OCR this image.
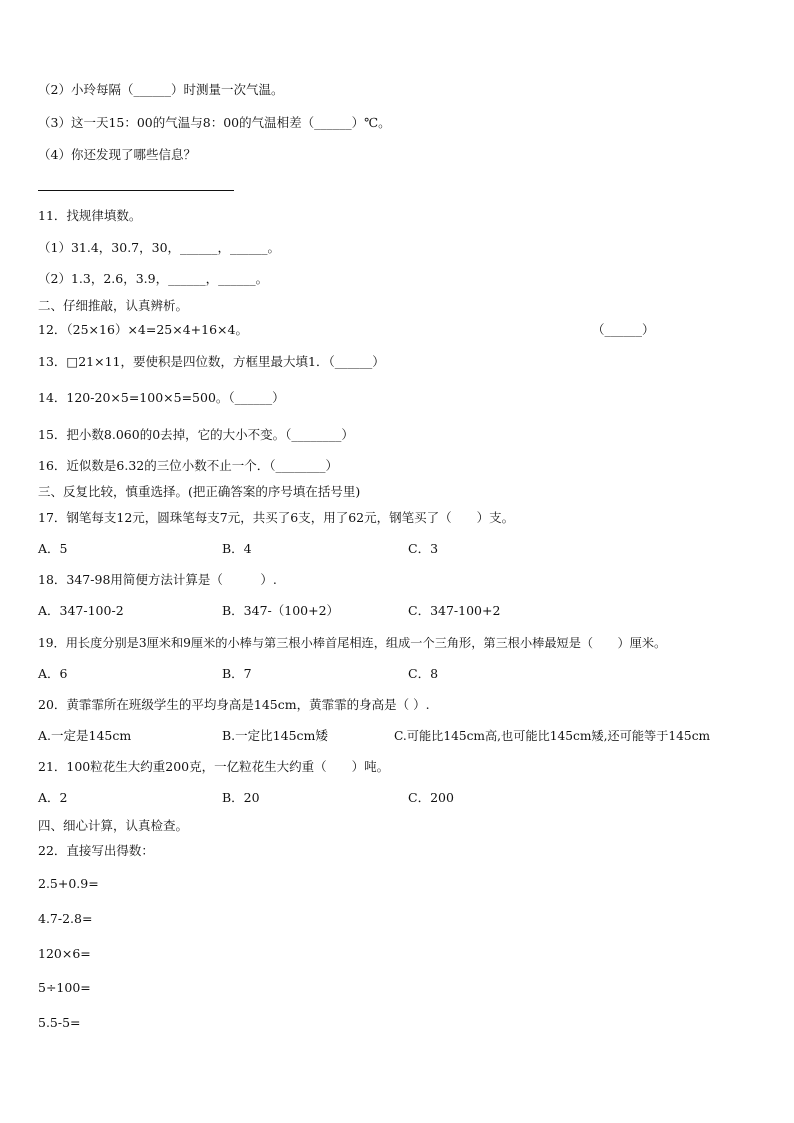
（2）小玲每隔（______）时测量一次气温。
（3）这一天15：00的气温与8：00的气温相差（______）℃。
（4）你还发现了哪些信息？
11．找规律填数。
（1）31.4，30.7，30，______，______。
（2）1.3，2.6，3.9，______，______。
二、仔细推敲，认真辨析。
12．（25×16）×4=25×4+16×4。	（______）
13．□21×11，要使积是四位数，方框里最大填1．（______）
14．120-20×5=100×5=500。（______）
15．把小数8.060的0去掉，它的大小不变。（________）
16．近似数是6.32的三位小数不止一个．（________）
三、反复比较，慎重选择。(把正确答案的序号填在括号里)
17．钢笔每支12元，圆珠笔每支7元，共买了6支，用了62元，钢笔买了（　　）支。
A．5	B．4	C．3
18．347-98用简便方法计算是（　　　）.
A．347-100-2	B．347-（100+2）	C．347-100+2
19．用长度分别是3厘米和9厘米的小棒与第三根小棒首尾相连，组成一个三角形，第三根小棒最短是（　　）厘米。
A．6	B．7	C．8
20．黄霏霏所在班级学生的平均身高是145cm，黄霏霏的身高是（ ）.
A.一定是145cm	B.一定比145cm矮	C.可能比145cm高,也可能比145cm矮,还可能等于145cm
21．100粒花生大约重200克，一亿粒花生大约重（　　）吨。
A．2	B．20	C．200
四、细心计算，认真检查。
22．直接写出得数：
2.5+0.9=
4.7-2.8=
120×6=
5÷100=
5.5-5=
